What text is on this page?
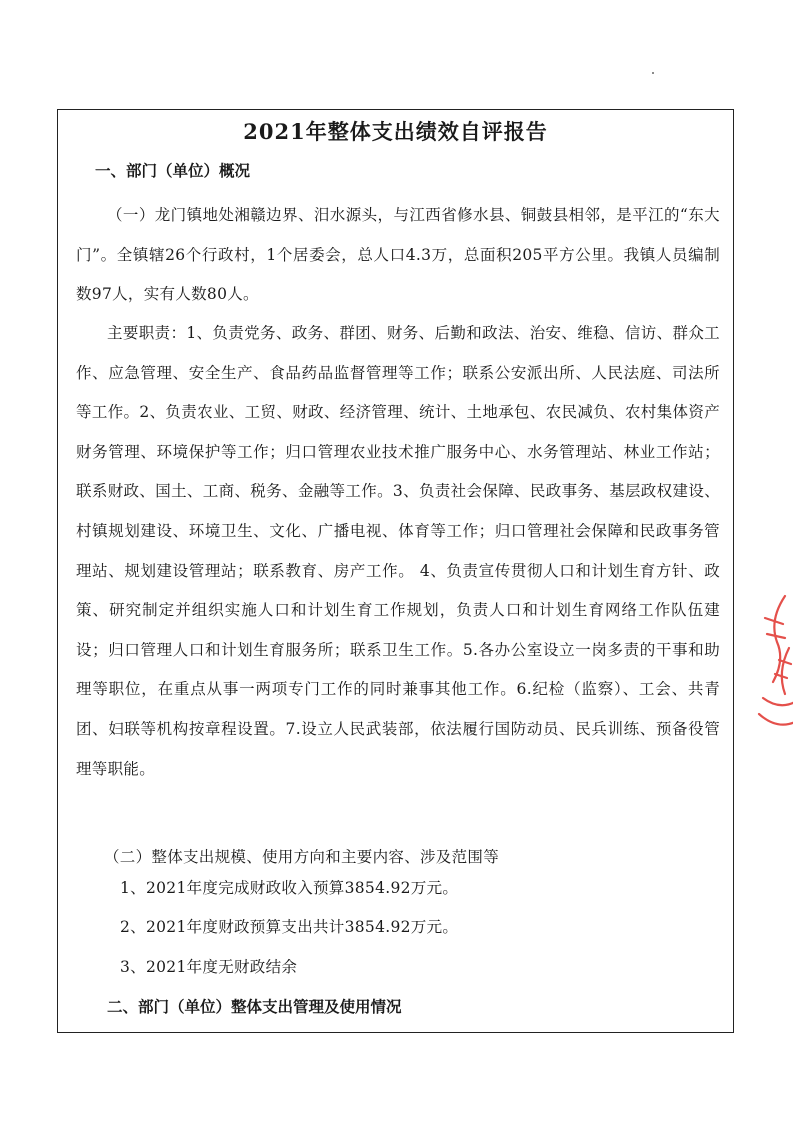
2021年整体支出绩效自评报告
一、部门（单位）概况

（一）龙门镇地处湘赣边界、汨水源头，与江西省修水县、铜鼓县相邻，是平江的“东大门”。全镇辖26个行政村，1个居委会，总人口4.3万，总面积205平方公里。我镇人员编制数97人，实有人数80人。

主要职责：1、负责党务、政务、群团、财务、后勤和政法、治安、维稳、信访、群众工作、应急管理、安全生产、食品药品监督管理等工作；联系公安派出所、人民法庭、司法所等工作。2、负责农业、工贸、财政、经济管理、统计、土地承包、农民减负、农村集体资产财务管理、环境保护等工作；归口管理农业技术推广服务中心、水务管理站、林业工作站；联系财政、国土、工商、税务、金融等工作。3、负责社会保障、民政事务、基层政权建设、村镇规划建设、环境卫生、文化、广播电视、体育等工作；归口管理社会保障和民政事务管理站、规划建设管理站；联系教育、房产工作。 4、负责宣传贯彻人口和计划生育方针、政策、研究制定并组织实施人口和计划生育工作规划，负责人口和计划生育网络工作队伍建设；归口管理人口和计划生育服务所；联系卫生工作。5.各办公室设立一岗多责的干事和助理等职位，在重点从事一两项专门工作的同时兼事其他工作。6.纪检（监察）、工会、共青团、妇联等机构按章程设置。7.设立人民武装部，依法履行国防动员、民兵训练、预备役管理等职能。

（二）整体支出规模、使用方向和主要内容、涉及范围等
1、2021年度完成财政收入预算3854.92万元。
2、2021年度财政预算支出共计3854.92万元。
3、2021年度无财政结余
二、部门（单位）整体支出管理及使用情况
